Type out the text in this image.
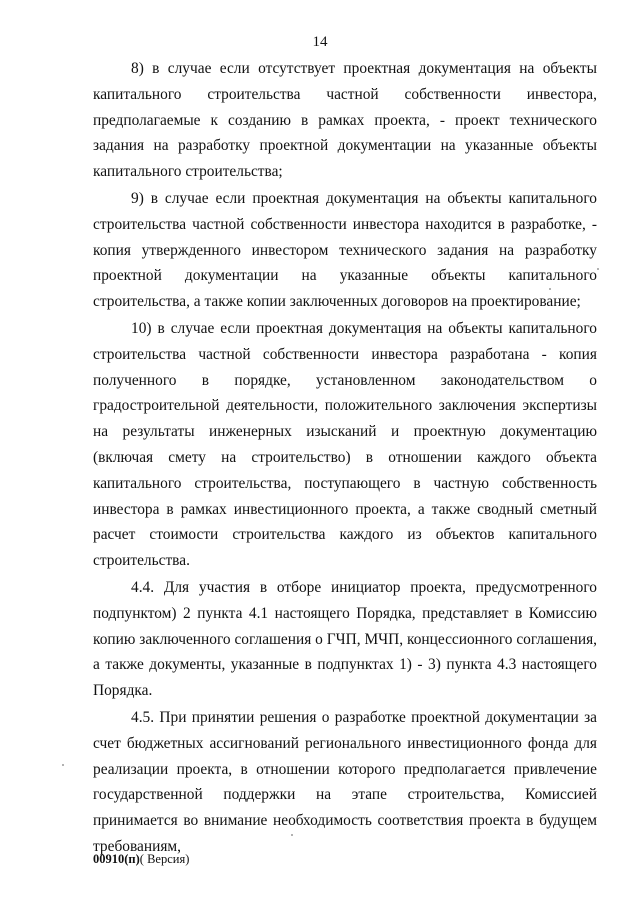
14

8) в случае если отсутствует проектная документация на объекты капитального строительства частной собственности инвестора, предполагаемые к созданию в рамках проекта, - проект технического задания на разработку проектной документации на указанные объекты капитального строительства;

9) в случае если проектная документация на объекты капитального строительства частной собственности инвестора находится в разработке, - копия утвержденного инвестором технического задания на разработку проектной документации на указанные объекты капитального строительства, а также копии заключенных договоров на проектирование;

10) в случае если проектная документация на объекты капитального строительства частной собственности инвестора разработана - копия полученного в порядке, установленном законодательством о градостроительной деятельности, положительного заключения экспертизы на результаты инженерных изысканий и проектную документацию (включая смету на строительство) в отношении каждого объекта капитального строительства, поступающего в частную собственность инвестора в рамках инвестиционного проекта, а также сводный сметный расчет стоимости строительства каждого из объектов капитального строительства.

4.4. Для участия в отборе инициатор проекта, предусмотренного подпунктом) 2 пункта 4.1 настоящего Порядка, представляет в Комиссию копию заключенного соглашения о ГЧП, МЧП, концессионного соглашения, а также документы, указанные в подпунктах 1) - 3) пункта 4.3 настоящего Порядка.

4.5. При принятии решения о разработке проектной документации за счет бюджетных ассигнований регионального инвестиционного фонда для реализации проекта, в отношении которого предполагается привлечение государственной поддержки на этапе строительства, Комиссией принимается во внимание необходимость соответствия проекта в будущем требованиям,

00910(п)( Версия)
